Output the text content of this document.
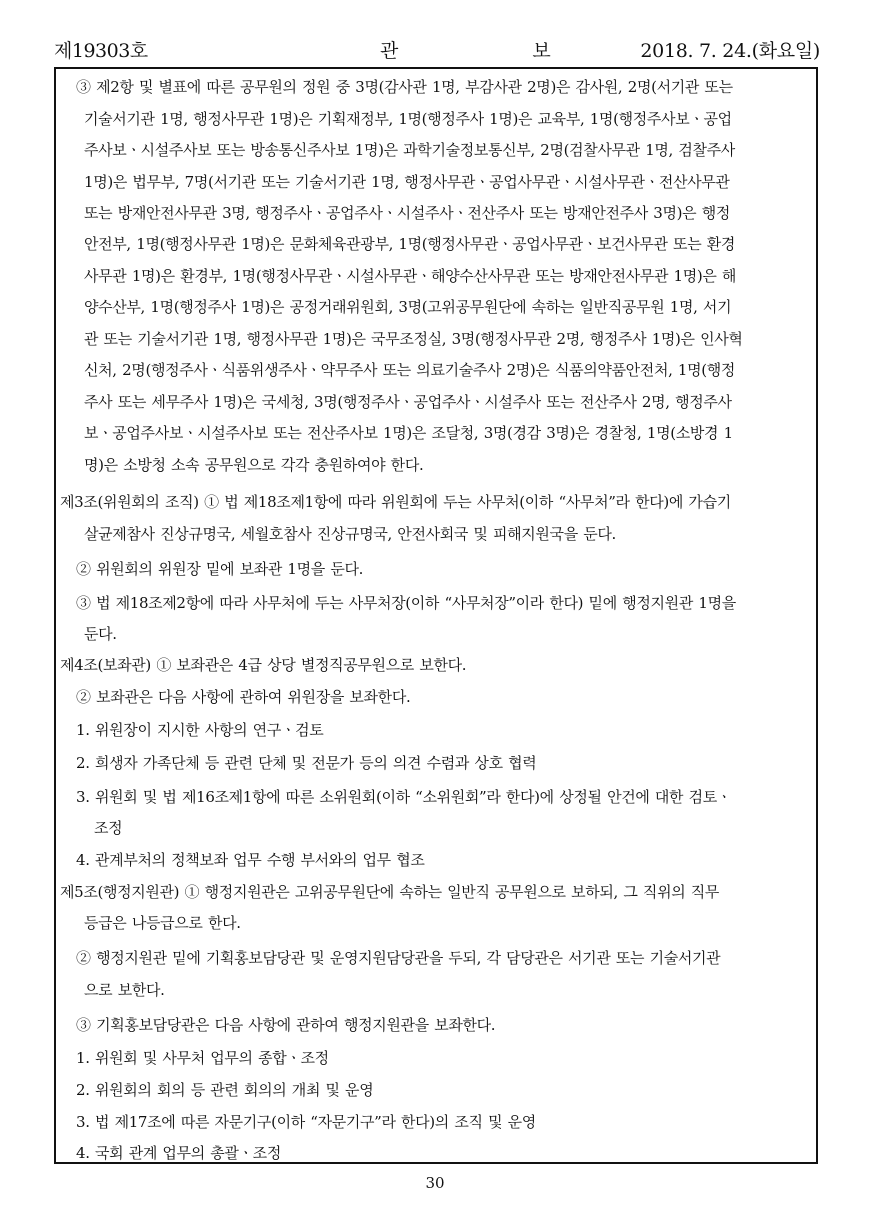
제19303호	관 보 2018. 7. 24.(화요일)
③ 제2항 및 별표에 따른 공무원의 정원 중 3명(감사관 1명, 부감사관 2명)은 감사원, 2명(서기관 또는
기술서기관 1명, 행정사무관 1명)은 기획재정부, 1명(행정주사 1명)은 교육부, 1명(행정주사보ㆍ공업
주사보ㆍ시설주사보 또는 방송통신주사보 1명)은 과학기술정보통신부, 2명(검찰사무관 1명, 검찰주사
1명)은 법무부, 7명(서기관 또는 기술서기관 1명, 행정사무관ㆍ공업사무관ㆍ시설사무관ㆍ전산사무관
또는 방재안전사무관 3명, 행정주사ㆍ공업주사ㆍ시설주사ㆍ전산주사 또는 방재안전주사 3명)은 행정
안전부, 1명(행정사무관 1명)은 문화체육관광부, 1명(행정사무관ㆍ공업사무관ㆍ보건사무관 또는 환경
사무관 1명)은 환경부, 1명(행정사무관ㆍ시설사무관ㆍ해양수산사무관 또는 방재안전사무관 1명)은 해
양수산부, 1명(행정주사 1명)은 공정거래위원회, 3명(고위공무원단에 속하는 일반직공무원 1명, 서기
관 또는 기술서기관 1명, 행정사무관 1명)은 국무조정실, 3명(행정사무관 2명, 행정주사 1명)은 인사혁
신처, 2명(행정주사ㆍ식품위생주사ㆍ약무주사 또는 의료기술주사 2명)은 식품의약품안전처, 1명(행정
주사 또는 세무주사 1명)은 국세청, 3명(행정주사ㆍ공업주사ㆍ시설주사 또는 전산주사 2명, 행정주사
보ㆍ공업주사보ㆍ시설주사보 또는 전산주사보 1명)은 조달청, 3명(경감 3명)은 경찰청, 1명(소방경 1
명)은 소방청 소속 공무원으로 각각 충원하여야 한다.
제3조(위원회의 조직) ① 법 제18조제1항에 따라 위원회에 두는 사무처(이하 “사무처”라 한다)에 가습기
살균제참사 진상규명국, 세월호참사 진상규명국, 안전사회국 및 피해지원국을 둔다.
② 위원회의 위원장 밑에 보좌관 1명을 둔다.
③ 법 제18조제2항에 따라 사무처에 두는 사무처장(이하 “사무처장”이라 한다) 밑에 행정지원관 1명을
둔다.
제4조(보좌관) ① 보좌관은 4급 상당 별정직공무원으로 보한다.
② 보좌관은 다음 사항에 관하여 위원장을 보좌한다.
1. 위원장이 지시한 사항의 연구ㆍ검토
2. 희생자 가족단체 등 관련 단체 및 전문가 등의 의견 수렴과 상호 협력
3. 위원회 및 법 제16조제1항에 따른 소위원회(이하 “소위원회”라 한다)에 상정될 안건에 대한 검토ㆍ
조정
4. 관계부처의 정책보좌 업무 수행 부서와의 업무 협조
제5조(행정지원관) ① 행정지원관은 고위공무원단에 속하는 일반직 공무원으로 보하되, 그 직위의 직무
등급은 나등급으로 한다.
② 행정지원관 밑에 기획홍보담당관 및 운영지원담당관을 두되, 각 담당관은 서기관 또는 기술서기관
으로 보한다.
③ 기획홍보담당관은 다음 사항에 관하여 행정지원관을 보좌한다.
1. 위원회 및 사무처 업무의 종합ㆍ조정
2. 위원회의 회의 등 관련 회의의 개최 및 운영
3. 법 제17조에 따른 자문기구(이하 “자문기구”라 한다)의 조직 및 운영
4. 국회 관계 업무의 총괄ㆍ조정
30
